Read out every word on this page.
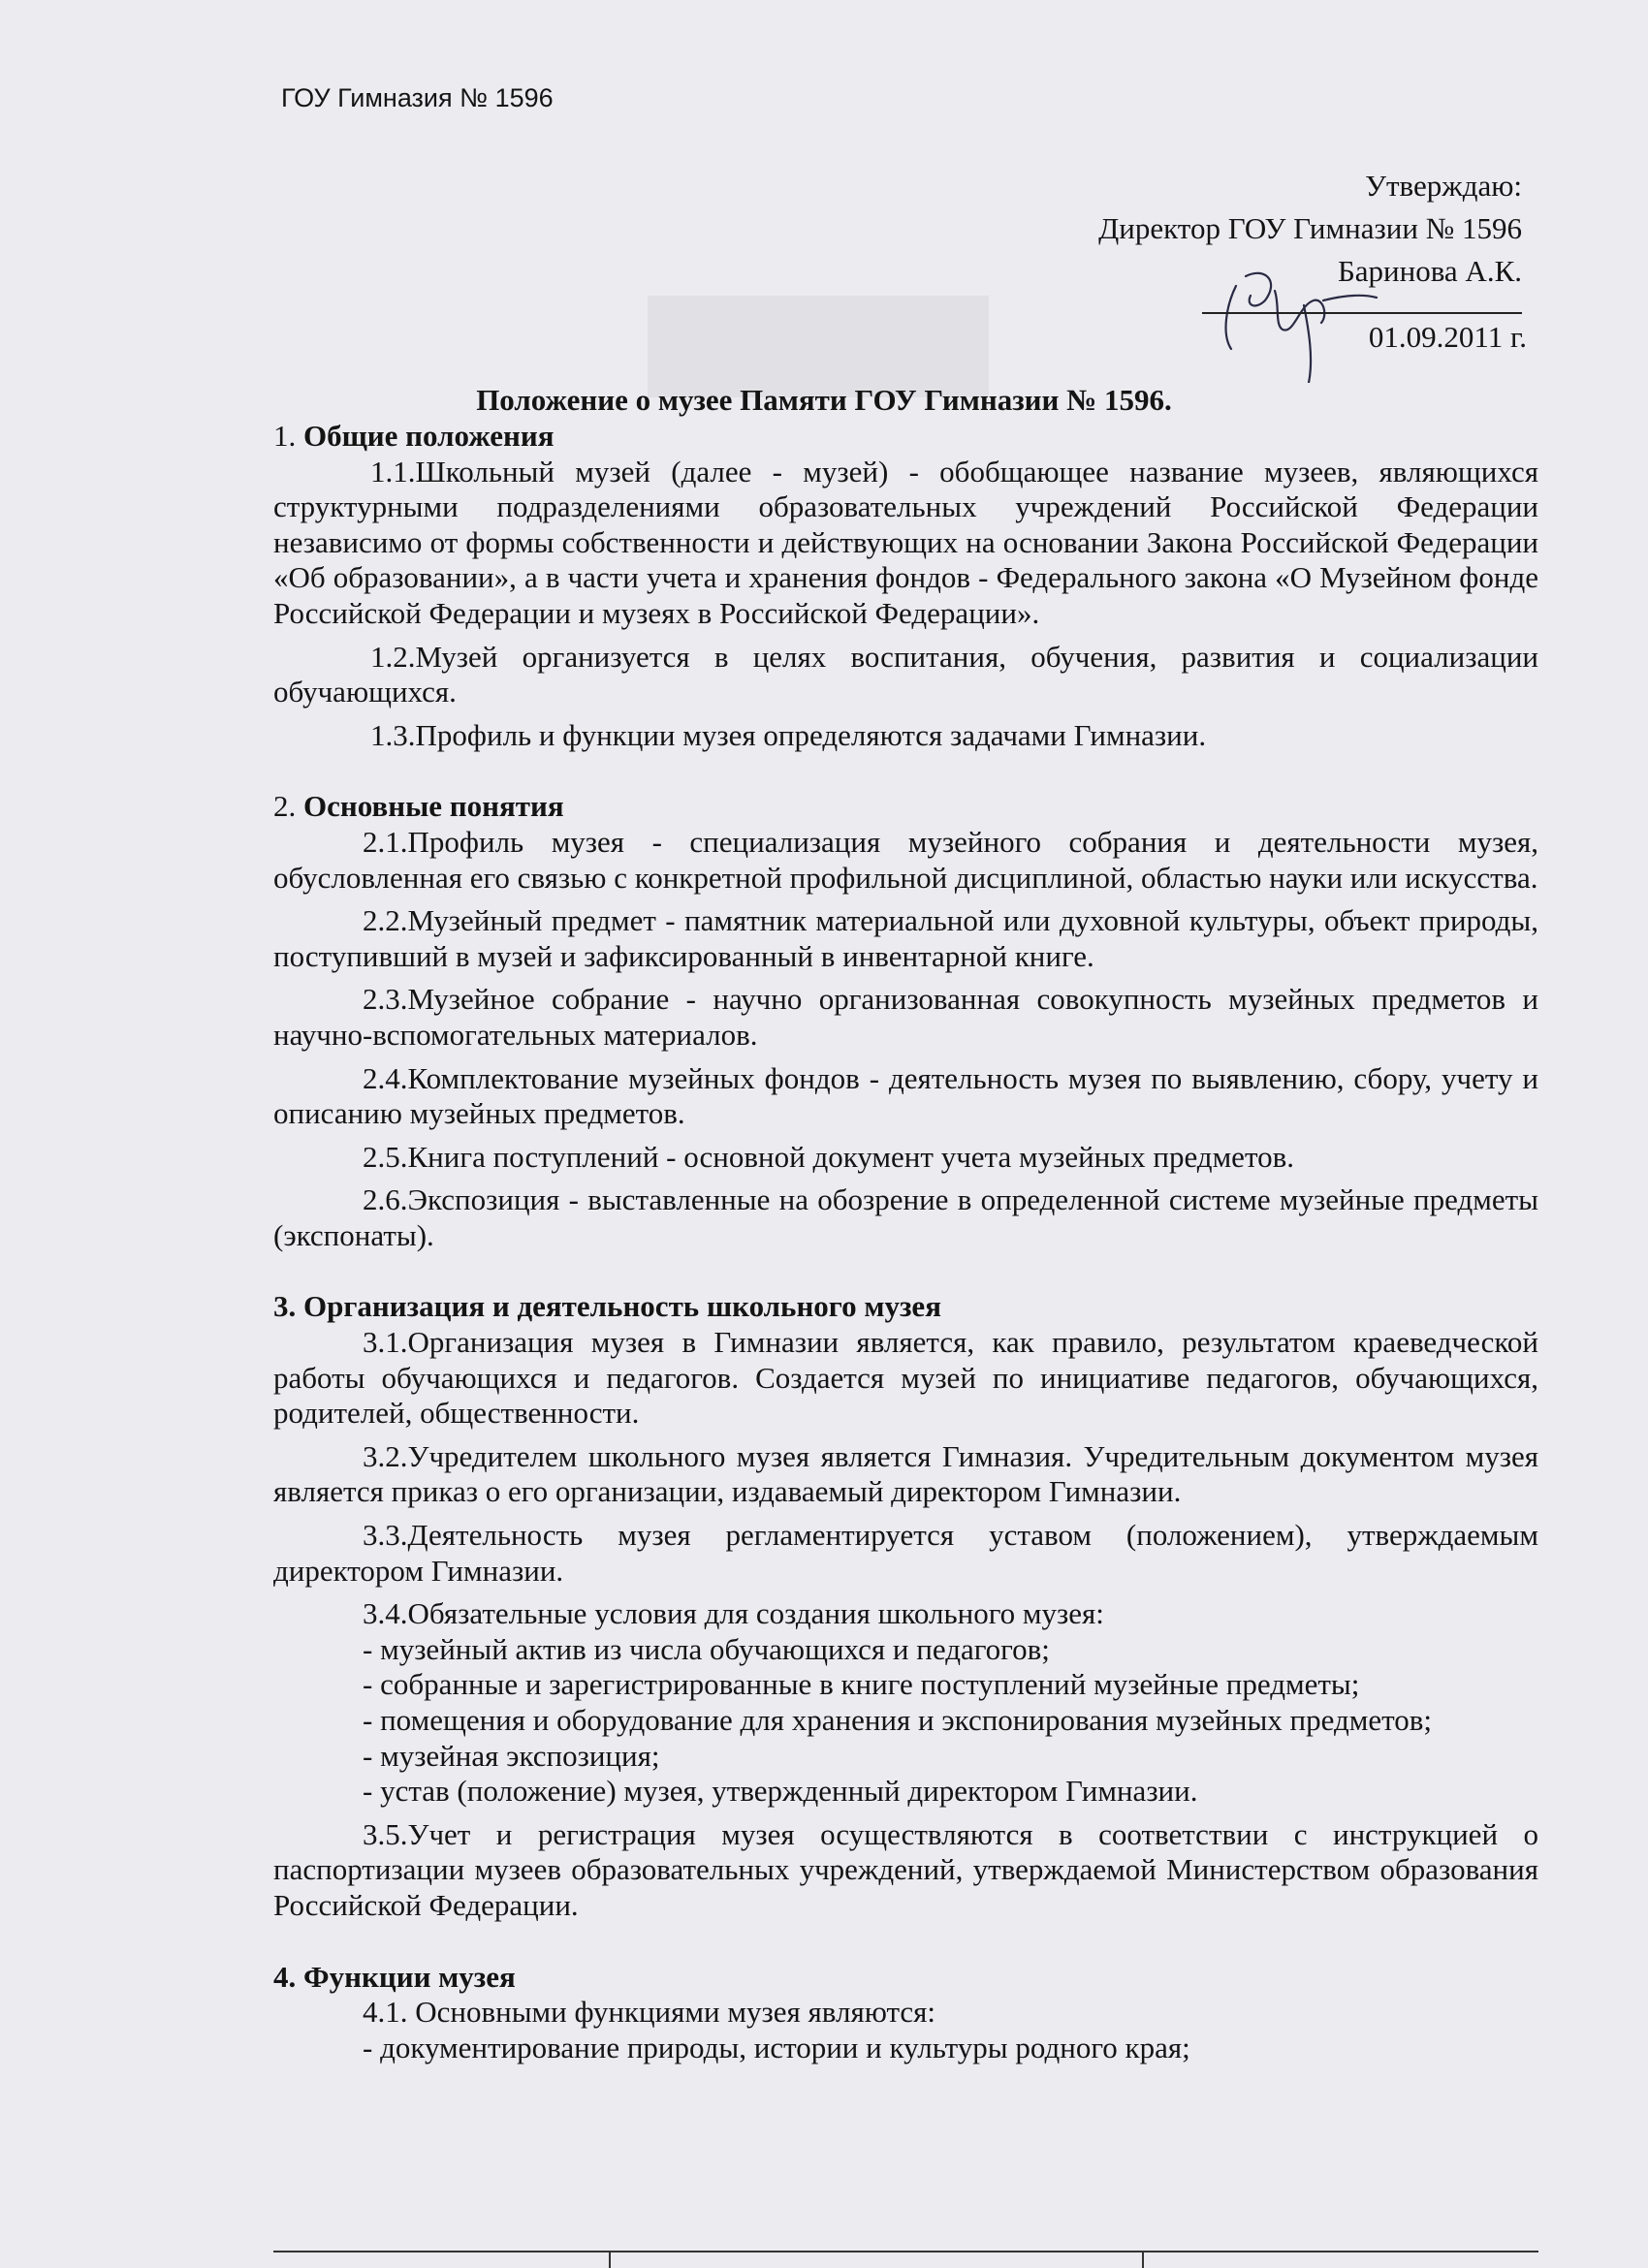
ГОУ Гимназия № 1596
Утверждаю:
Директор ГОУ Гимназии № 1596
Баринова А.К.
01.09.2011 г.
Положение о музее Памяти ГОУ Гимназии № 1596.
1. Общие положения

1.1.Школьный музей (далее - музей) - обобщающее название музеев, являющихся структурными подразделениями образовательных учреждений Российской Федерации независимо от формы собственности и действующих на основании Закона Российской Федерации «Об образовании», а в части учета и хранения фондов - Федерального закона «О Музейном фонде Российской Федерации и музеях в Российской Федерации».

1.2.Музей организуется в целях воспитания, обучения, развития и социализации обучающихся.

1.3.Профиль и функции музея определяются задачами Гимназии.

2. Основные понятия

2.1.Профиль музея - специализация музейного собрания и деятельности музея, обусловленная его связью с конкретной профильной дисциплиной, областью науки или искусства.

2.2.Музейный предмет - памятник материальной или духовной культуры, объект природы, поступивший в музей и зафиксированный в инвентарной книге.

2.3.Музейное собрание - научно организованная совокупность музейных предметов и научно-вспомогательных материалов.

2.4.Комплектование музейных фондов - деятельность музея по выявлению, сбору, учету и описанию музейных предметов.

2.5.Книга поступлений - основной документ учета музейных предметов.

2.6.Экспозиция - выставленные на обозрение в определенной системе музейные предметы (экспонаты).

3. Организация и деятельность школьного музея

3.1.Организация музея в Гимназии является, как правило, результатом краеведческой работы обучающихся и педагогов. Создается музей по инициативе педагогов, обучающихся, родителей, общественности.

3.2.Учредителем школьного музея является Гимназия. Учредительным документом музея является приказ о его организации, издаваемый директором Гимназии.

3.3.Деятельность музея регламентируется уставом (положением), утверждаемым директором Гимназии.

3.4.Обязательные условия для создания школьного музея:

- музейный актив из числа обучающихся и педагогов;
- собранные и зарегистрированные в книге поступлений музейные предметы;
- помещения и оборудование для хранения и экспонирования музейных предметов;
- музейная экспозиция;
- устав (положение) музея, утвержденный директором Гимназии.

3.5.Учет и регистрация музея осуществляются в соответствии с инструкцией о паспортизации музеев образовательных учреждений, утверждаемой Министерством образования Российской Федерации.

4. Функции музея

4.1. Основными функциями музея являются:

- документирование природы, истории и культуры родного края;
